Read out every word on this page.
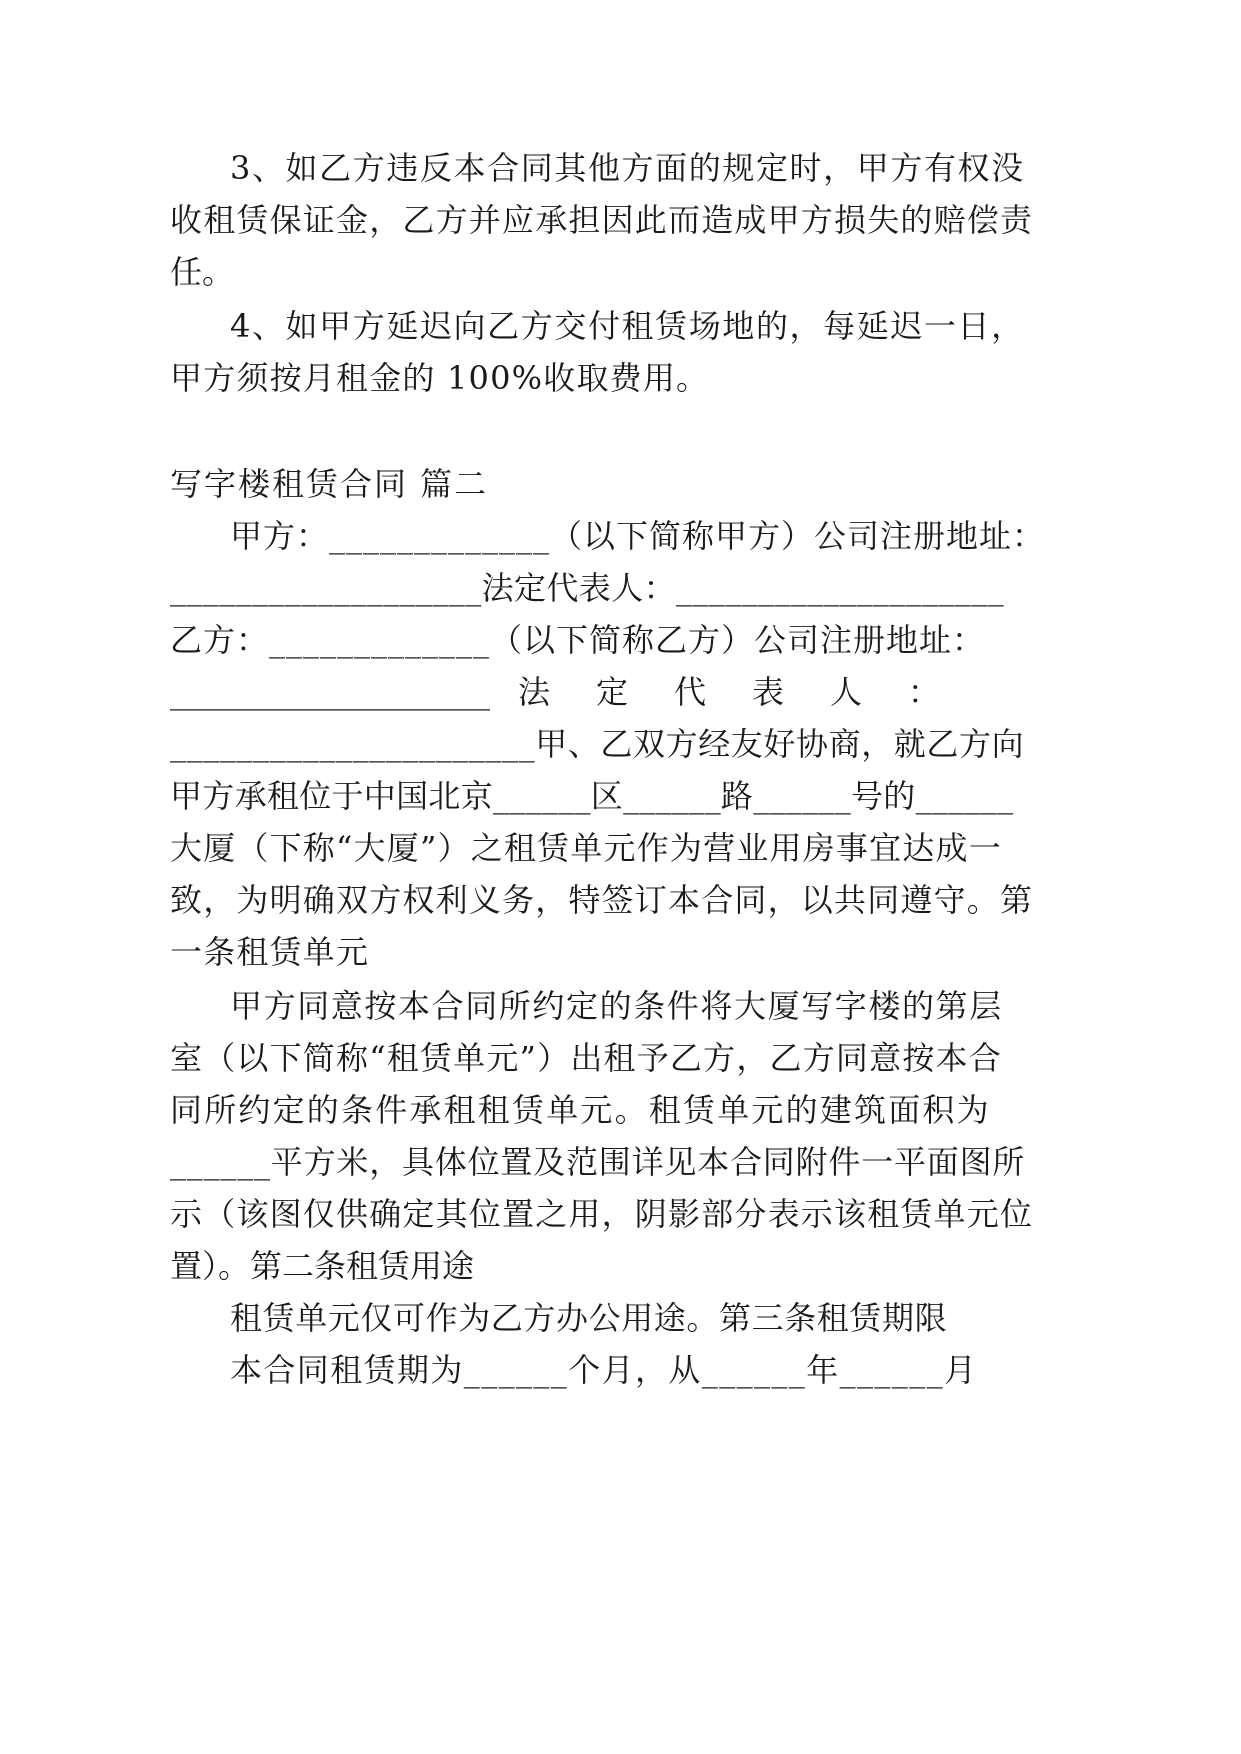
3、如乙方违反本合同其他方面的规定时，甲方有权没
收租赁保证金，乙方并应承担因此而造成甲方损失的赔偿责
任。
4、如甲方延迟向乙方交付租赁场地的，每延迟一日，
甲方须按月租金的 100%收取费用。
写字楼租赁合同 篇二
甲方：_____________（以下简称甲方）公司注册地址：
___________________法定代表人：____________________
乙方：_____________（以下简称乙方）公司注册地址：
____________________ 法 定 代 表 人 ：
______________________甲、乙双方经友好协商，就乙方向
甲方承租位于中国北京______区______路______号的______
大厦（下称“大厦”）之租赁单元作为营业用房事宜达成一
致，为明确双方权利义务，特签订本合同，以共同遵守。第
一条租赁单元
甲方同意按本合同所约定的条件将大厦写字楼的第层
室（以下简称“租赁单元”）出租予乙方，乙方同意按本合
同所约定的条件承租租赁单元。租赁单元的建筑面积为
______平方米，具体位置及范围详见本合同附件一平面图所
示（该图仅供确定其位置之用，阴影部分表示该租赁单元位
置）。第二条租赁用途
租赁单元仅可作为乙方办公用途。第三条租赁期限
本合同租赁期为______个月，从______年______月
